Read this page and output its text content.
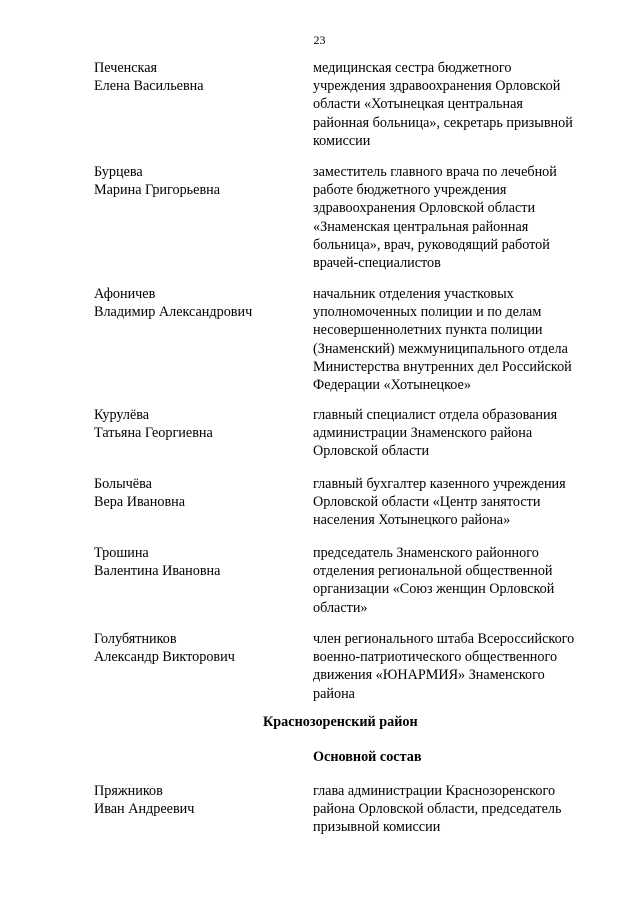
23
Печенская
Елена Васильевна
медицинская сестра бюджетного
учреждения здравоохранения Орловской
области «Хотынецкая центральная
районная больница», секретарь призывной
комиссии
Бурцева
Марина Григорьевна
заместитель главного врача по лечебной
работе бюджетного учреждения
здравоохранения Орловской области
«Знаменская центральная районная
больница», врач, руководящий работой
врачей-специалистов
Афоничев
Владимир Александрович
начальник отделения участковых
уполномоченных полиции и по делам
несовершеннолетних пункта полиции
(Знаменский) межмуниципального отдела
Министерства внутренних дел Российской
Федерации «Хотынецкое»
Курулёва
Татьяна Георгиевна
главный специалист отдела образования
администрации Знаменского района
Орловской области
Болычёва
Вера Ивановна
главный бухгалтер казенного учреждения
Орловской области «Центр занятости
населения Хотынецкого района»
Трошина
Валентина Ивановна
председатель Знаменского районного
отделения региональной общественной
организации «Союз женщин Орловской
области»
Голубятников
Александр Викторович
член регионального штаба Всероссийского
военно-патриотического общественного
движения «ЮНАРМИЯ» Знаменского
района
Краснозоренский район
Основной состав
Пряжников
Иван Андреевич
глава администрации Краснозоренского
района Орловской области, председатель
призывной комиссии
